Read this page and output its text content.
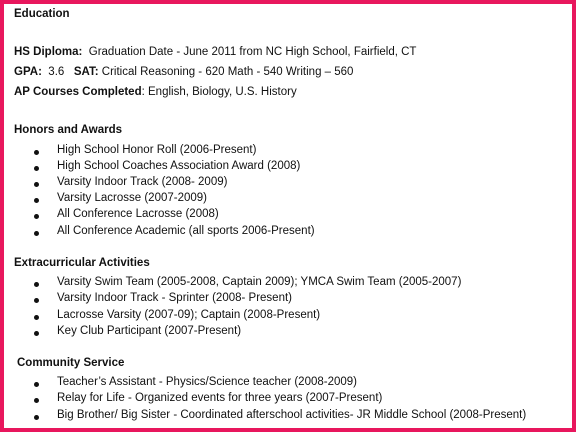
Education
HS Diploma: Graduation Date - June 2011 from NC High School, Fairfield, CT
GPA: 3.6 SAT: Critical Reasoning - 620 Math - 540 Writing – 560
AP Courses Completed: English, Biology, U.S. History
Honors and Awards
High School Honor Roll (2006-Present)
High School Coaches Association Award (2008)
Varsity Indoor Track (2008- 2009)
Varsity Lacrosse (2007-2009)
All Conference Lacrosse (2008)
All Conference Academic (all sports 2006-Present)
Extracurricular Activities
Varsity Swim Team (2005-2008, Captain 2009); YMCA Swim Team (2005-2007)
Varsity Indoor Track - Sprinter (2008- Present)
Lacrosse Varsity (2007-09); Captain (2008-Present)
Key Club Participant (2007-Present)
Community Service
Teacher’s Assistant - Physics/Science teacher (2008-2009)
Relay for Life - Organized events for three years (2007-Present)
Big Brother/ Big Sister - Coordinated afterschool activities- JR Middle School (2008-Present)
